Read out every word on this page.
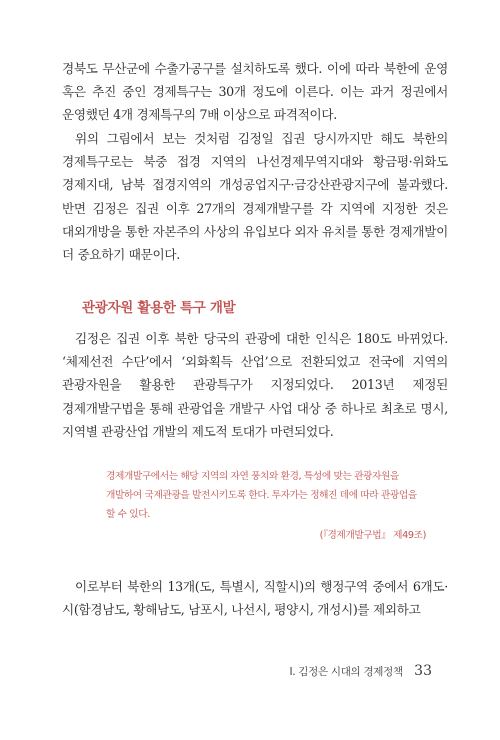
경북도 무산군에 수출가공구를 설치하도록 했다. 이에 따라 북한에 운영 혹은 추진 중인 경제특구는 30개 정도에 이른다. 이는 과거 정권에서 운영했던 4개 경제특구의 7배 이상으로 파격적이다.

위의 그림에서 보는 것처럼 김정일 집권 당시까지만 해도 북한의 경제특구로는 북중 접경 지역의 나선경제무역지대와 황금평·위화도 경제지대, 남북 접경지역의 개성공업지구·금강산관광지구에 불과했다. 반면 김정은 집권 이후 27개의 경제개발구를 각 지역에 지정한 것은 대외개방을 통한 자본주의 사상의 유입보다 외자 유치를 통한 경제개발이 더 중요하기 때문이다.

관광자원 활용한 특구 개발

김정은 집권 이후 북한 당국의 관광에 대한 인식은 180도 바뀌었다. ‘체제선전 수단’에서 ‘외화획득 산업’으로 전환되었고 전국에 지역의 관광자원을 활용한 관광특구가 지정되었다. 2013년 제정된 경제개발구법을 통해 관광업을 개발구 사업 대상 중 하나로 최초로 명시, 지역별 관광산업 개발의 제도적 토대가 마련되었다.

경제개발구에서는 해당 지역의 자연 풍치와 환경, 특성에 맞는 관광자원을 개발하여 국제관광을 발전시키도록 한다. 투자가는 정해진 데에 따라 관광업을 할 수 있다.

(『경제개발구법』 제49조)

이로부터 북한의 13개(도, 특별시, 직할시)의 행정구역 중에서 6개도·시(함경남도, 황해남도, 남포시, 나선시, 평양시, 개성시)를 제외하고

Ⅰ. 김정은 시대의 경제정책 33
